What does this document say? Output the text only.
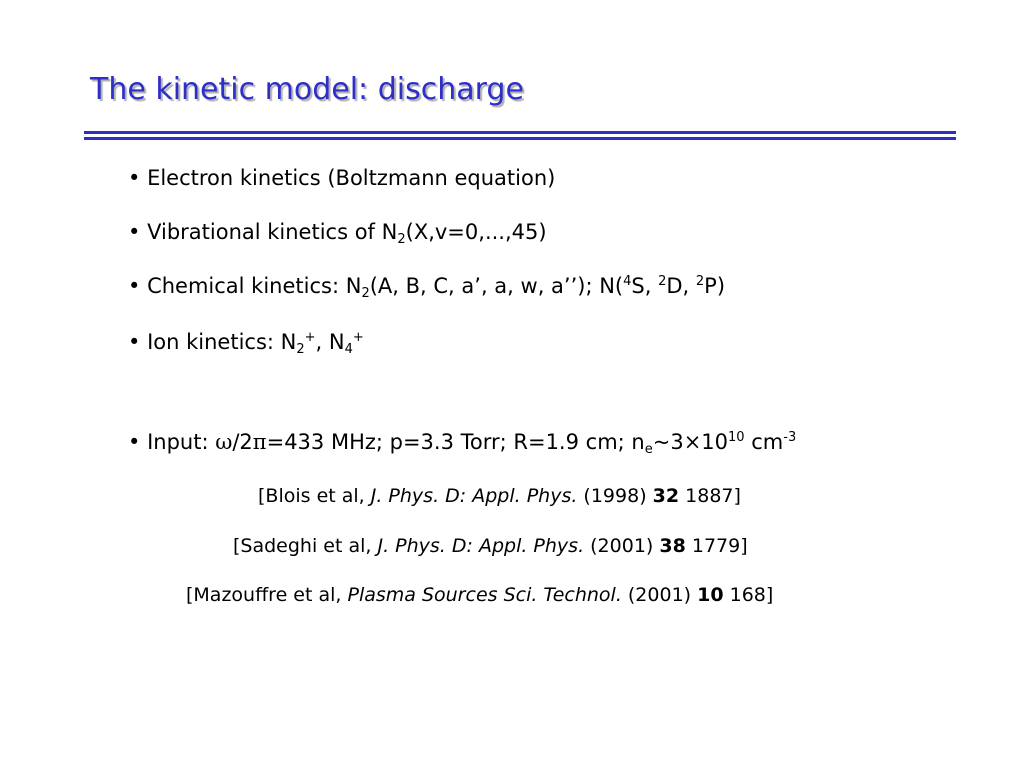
The kinetic model: discharge
• Electron kinetics (Boltzmann equation)
• Vibrational kinetics of $N_2(X,v=0,...,45)$
• Chemical kinetics: $N_2(A$, B, C, a’, a, w, a’’); N($^4$S, $^2$D, $^2$P)
• Ion kinetics: $N_2^+$, $N_4^+$
• Input: ω/2π=433 MHz; p=3.3 Torr; R=1.9 cm; $n_e\sim 3\times 10^{10}$ $cm^{-3}$
[Blois et al, J. Phys. D: Appl. Phys. (1998) 32 1887]
[Sadeghi et al, J. Phys. D: Appl. Phys. (2001) 38 1779]
[Mazouffre et al, Plasma Sources Sci. Technol. (2001) 10 168]
